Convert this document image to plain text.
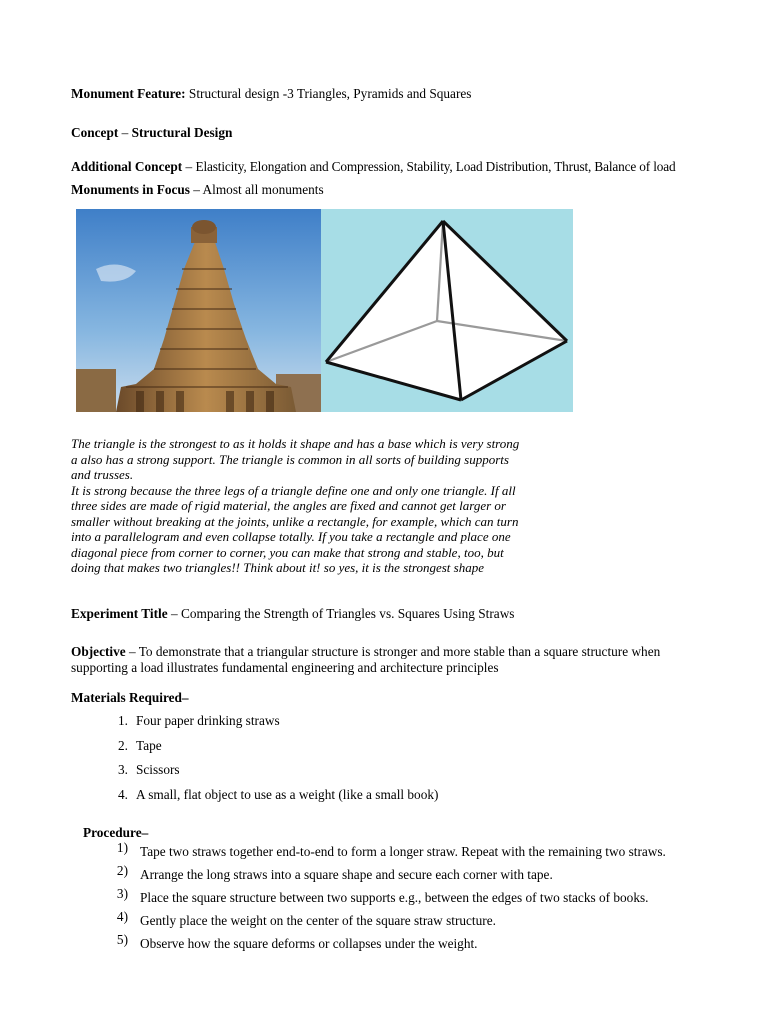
Monument Feature: Structural design -3 Triangles, Pyramids and Squares
Concept – Structural Design
Additional Concept – Elasticity, Elongation and Compression, Stability, Load Distribution, Thrust, Balance of load
Monuments in Focus – Almost all monuments
The triangle is the strongest to as it holds it shape and has a base which is very strong
a also has a strong support. The triangle is common in all sorts of building supports
and trusses.
It is strong because the three legs of a triangle define one and only one triangle. If all
three sides are made of rigid material, the angles are fixed and cannot get larger or
smaller without breaking at the joints, unlike a rectangle, for example, which can turn
into a parallelogram and even collapse totally. If you take a rectangle and place one
diagonal piece from corner to corner, you can make that strong and stable, too, but
doing that makes two triangles!! Think about it! so yes, it is the strongest shape
Experiment Title – Comparing the Strength of Triangles vs. Squares Using Straws
Objective – To demonstrate that a triangular structure is stronger and more stable than a square structure when supporting a load illustrates fundamental engineering and architecture principles
Materials Required–
1. Four paper drinking straws
2. Tape
3. Scissors
4. A small, flat object to use as a weight (like a small book)
Procedure–
1) Tape two straws together end-to-end to form a longer straw. Repeat with the remaining two straws.
2) Arrange the long straws into a square shape and secure each corner with tape.
3) Place the square structure between two supports e.g., between the edges of two stacks of books.
4) Gently place the weight on the center of the square straw structure.
5) Observe how the square deforms or collapses under the weight.
